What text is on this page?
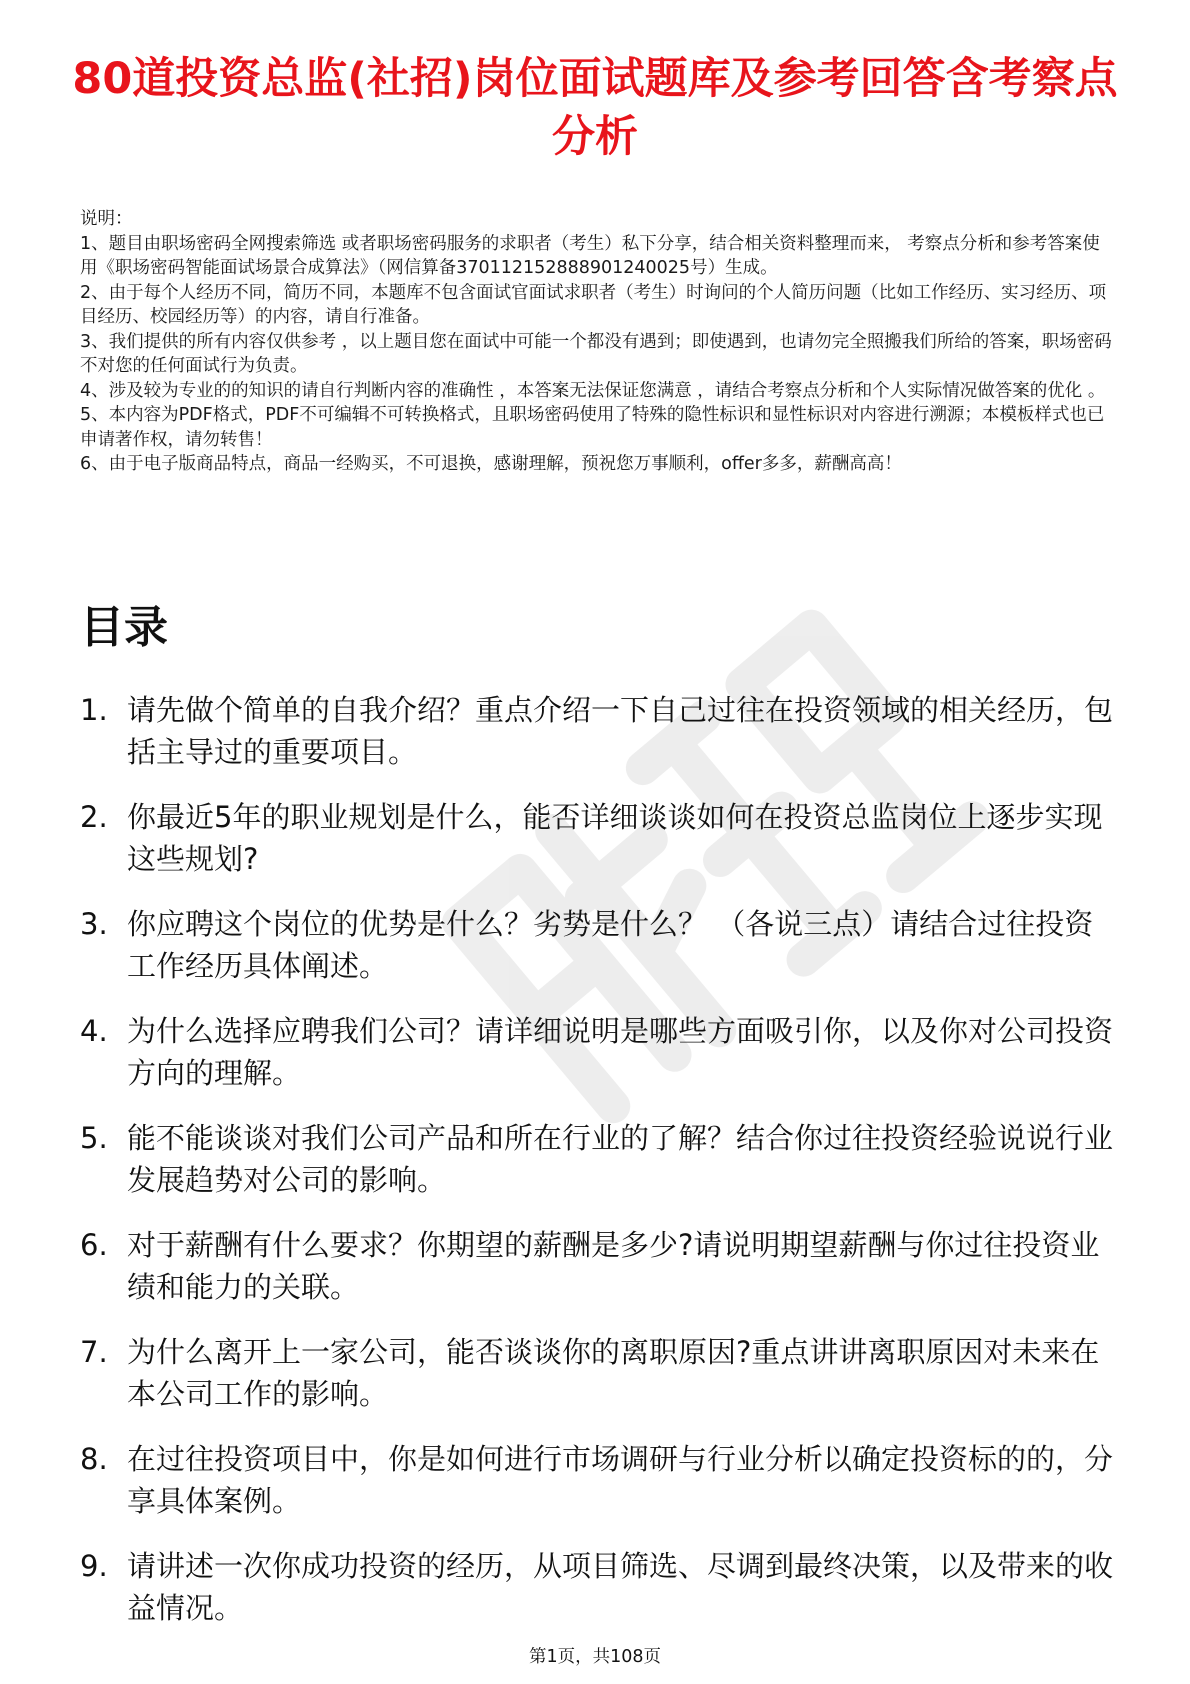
80道投资总监(社招)岗位面试题库及参考回答含考察点分析

说明：

1、题目由职场密码全网搜索筛选 或者职场密码服务的求职者（考生）私下分享，结合相关资料整理而来， 考察点分析和参考答案使用《职场密码智能面试场景合成算法》（网信算备370112152888901240025号）生成。

2、由于每个人经历不同，简历不同，本题库不包含面试官面试求职者（考生）时询问的个人简历问题（比如工作经历、实习经历、项目经历、校园经历等）的内容，请自行准备。

3、我们提供的所有内容仅供参考 ，以上题目您在面试中可能一个都没有遇到；即使遇到，也请勿完全照搬我们所给的答案，职场密码不对您的任何面试行为负责。

4、涉及较为专业的的知识的请自行判断内容的准确性 ，本答案无法保证您满意 ，请结合考察点分析和个人实际情况做答案的优化 。

5、本内容为PDF格式，PDF不可编辑不可转换格式，且职场密码使用了特殊的隐性标识和显性标识对内容进行溯源；本模板样式也已申请著作权，请勿转售！

6、由于电子版商品特点，商品一经购买，不可退换，感谢理解，预祝您万事顺利，offer多多，薪酬高高！

目录
1. 请先做个简单的自我介绍？重点介绍一下自己过往在投资领域的相关经历，包括主导过的重要项目。
2. 你最近5年的职业规划是什么，能否详细谈谈如何在投资总监岗位上逐步实现这些规划?
3. 你应聘这个岗位的优势是什么？劣势是什么？ （各说三点）请结合过往投资工作经历具体阐述。
4. 为什么选择应聘我们公司？请详细说明是哪些方面吸引你，以及你对公司投资方向的理解。
5. 能不能谈谈对我们公司产品和所在行业的了解？结合你过往投资经验说说行业发展趋势对公司的影响。
6. 对于薪酬有什么要求？你期望的薪酬是多少?请说明期望薪酬与你过往投资业绩和能力的关联。
7. 为什么离开上一家公司，能否谈谈你的离职原因?重点讲讲离职原因对未来在本公司工作的影响。
8. 在过往投资项目中，你是如何进行市场调研与行业分析以确定投资标的的，分享具体案例。
9. 请讲述一次你成功投资的经历，从项目筛选、尽调到最终决策，以及带来的收益情况。
第1页，共108页
